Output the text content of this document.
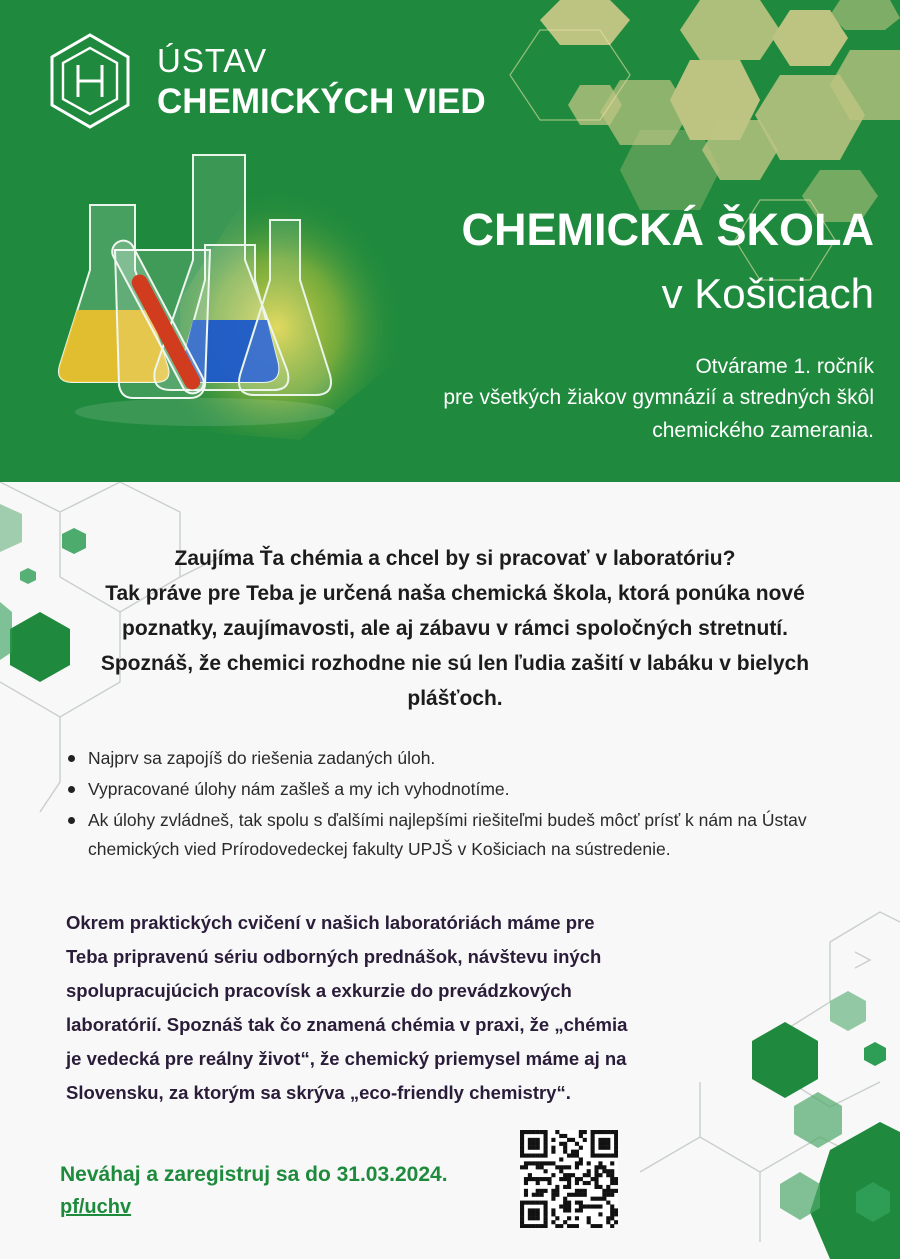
ÚSTAV
CHEMICKÝCH VIED
CHEMICKÁ ŠKOLA
v Košiciach
Otvárame 1. ročník
pre všetkých žiakov gymnázií a stredných škôl
chemického zamerania.
Zaujíma Ťa chémia a chcel by si pracovať v laboratóriu?
Tak práve pre Teba je určená naša chemická škola, ktorá ponúka nové
poznatky, zaujímavosti, ale aj zábavu v rámci spoločných stretnutí.
Spoznáš, že chemici rozhodne nie sú len ľudia zašití v labáku v bielych
plášťoch.
Najprv sa zapojíš do riešenia zadaných úloh.
Vypracované úlohy nám zašleš a my ich vyhodnotíme.
Ak úlohy zvládneš, tak spolu s ďalšími najlepšími riešiteľmi budeš môcť prísť k nám na Ústav chemických vied Prírodovedeckej fakulty UPJŠ v Košiciach na sústredenie.
Okrem praktických cvičení v našich laboratóriách máme pre
Teba pripravenú sériu odborných prednášok, návštevu iných
spolupracujúcich pracovísk a exkurzie do prevádzkových
laboratórií. Spoznáš tak čo znamená chémia v praxi, že „chémia
je vedecká pre reálny život“, že chemický priemysel máme aj na
Slovensku, za ktorým sa skrýva „eco-friendly chemistry“.
Neváhaj a zaregistruj sa do 31.03.2024.
pf/uchv
